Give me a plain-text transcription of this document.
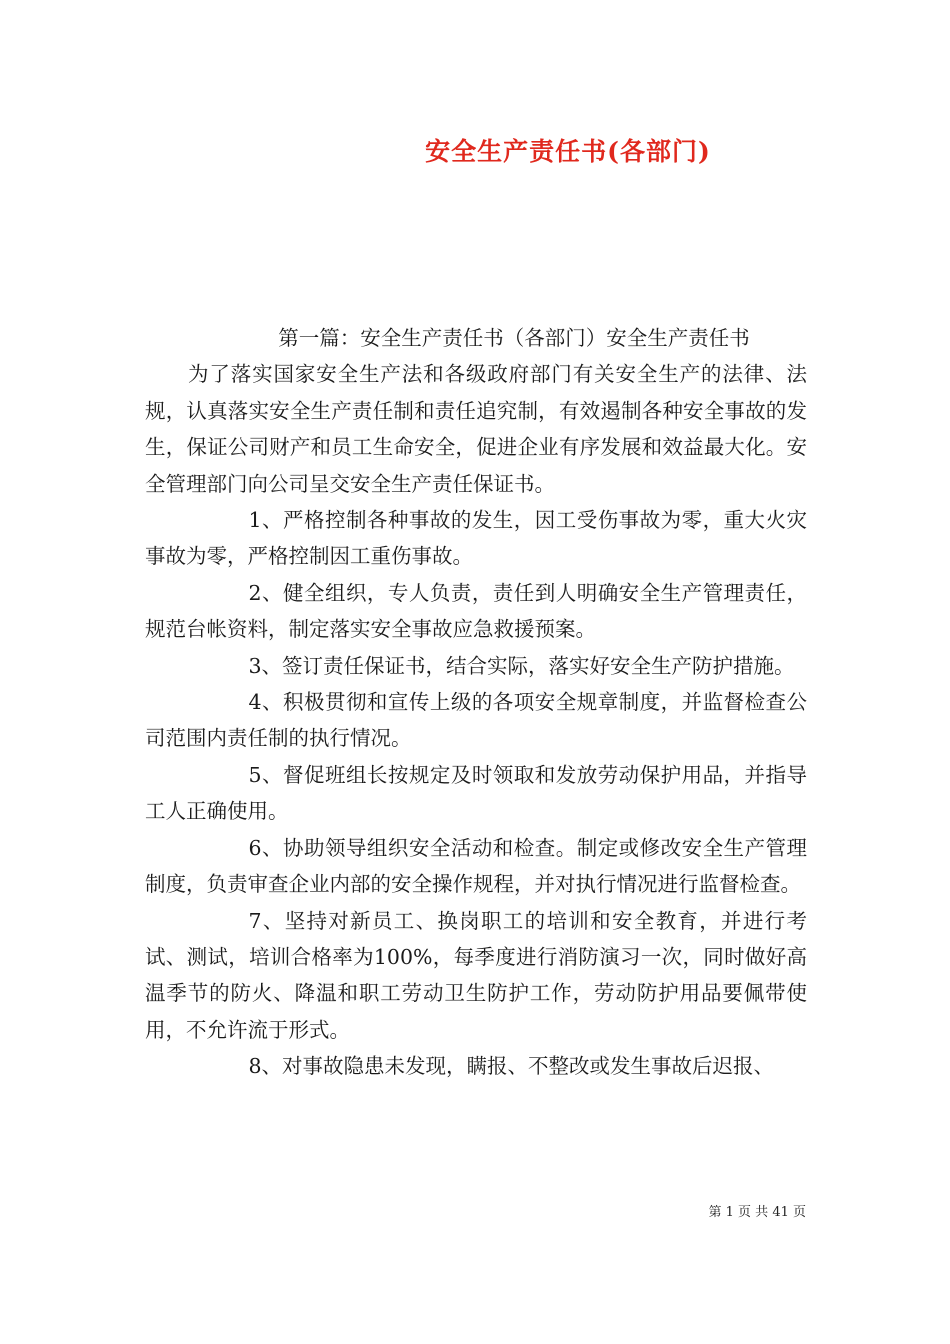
安全生产责任书(各部门)

第一篇：安全生产责任书（各部门）安全生产责任书

为了落实国家安全生产法和各级政府部门有关安全生产的法律、法规，认真落实安全生产责任制和责任追究制，有效遏制各种安全事故的发生，保证公司财产和员工生命安全，促进企业有序发展和效益最大化。安全管理部门向公司呈交安全生产责任保证书。

1、严格控制各种事故的发生，因工受伤事故为零，重大火灾事故为零，严格控制因工重伤事故。

2、健全组织，专人负责，责任到人明确安全生产管理责任，规范台帐资料，制定落实安全事故应急救援预案。

3、签订责任保证书，结合实际，落实好安全生产防护措施。

4、积极贯彻和宣传上级的各项安全规章制度，并监督检查公司范围内责任制的执行情况。

5、督促班组长按规定及时领取和发放劳动保护用品，并指导工人正确使用。

6、协助领导组织安全活动和检查。制定或修改安全生产管理制度，负责审查企业内部的安全操作规程，并对执行情况进行监督检查。

7、坚持对新员工、换岗职工的培训和安全教育，并进行考试、测试，培训合格率为100%，每季度进行消防演习一次，同时做好高温季节的防火、降温和职工劳动卫生防护工作，劳动防护用品要佩带使用，不允许流于形式。

8、对事故隐患未发现，瞒报、不整改或发生事故后迟报、

第 1 页 共 41 页
